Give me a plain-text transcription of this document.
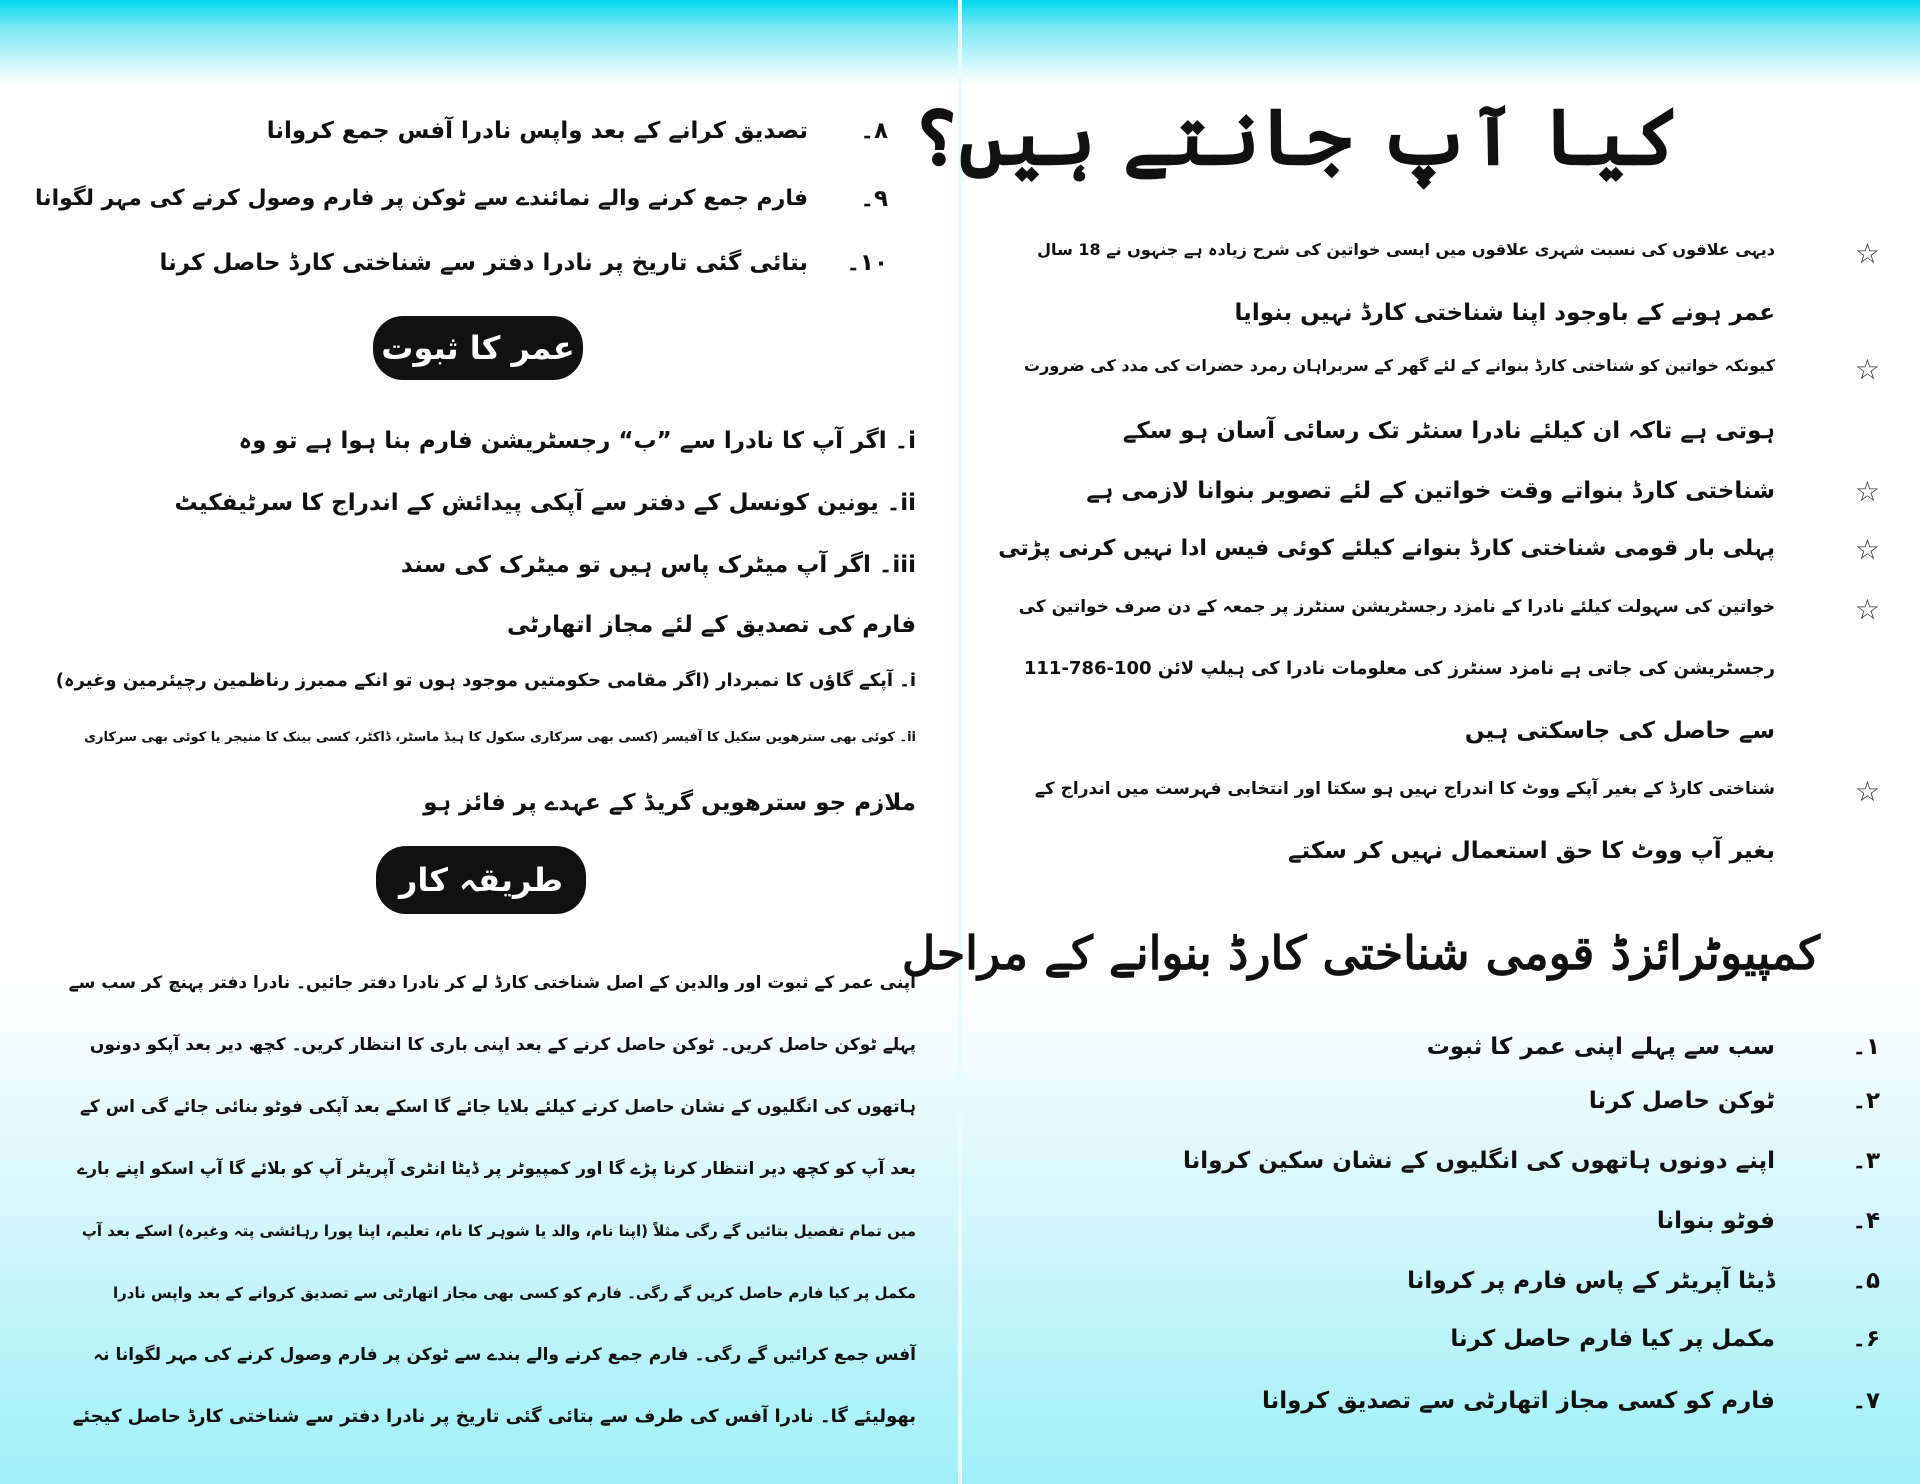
۸۔
تصدیق کرانے کے بعد واپس نادرا آفس جمع کروانا
۹۔
فارم جمع کرنے والے نمائندے سے ٹوکن پر فارم وصول کرنے کی مہر لگوانا
۱۰۔
بتائی گئی تاریخ پر نادرا دفتر سے شناختی کارڈ حاصل کرنا
عمر کا ثبوت
i۔ اگر آپ کا نادرا سے ”ب“ رجسٹریشن فارم بنا ہوا ہے تو وہ
ii۔ یونین کونسل کے دفتر سے آپکی پیدائش کے اندراج کا سرٹیفکیٹ
iii۔ اگر آپ میٹرک پاس ہیں تو میٹرک کی سند
فارم کی تصدیق کے لئے مجاز اتھارٹی
i۔ آپکے گاؤں کا نمبردار (اگر مقامی حکومتیں موجود ہوں تو انکے ممبرز رناظمین رچیئرمین وغیرہ)
ii۔ کوئی بھی سترھویں سکیل کا آفیسر (کسی بھی سرکاری سکول کا ہیڈ ماسٹر، ڈاکٹر، کسی بینک کا منیجر یا کوئی بھی سرکاری
ملازم جو سترھویں گریڈ کے عہدے پر فائز ہو
طریقہ کار
اپنی عمر کے ثبوت اور والدین کے اصل شناختی کارڈ لے کر نادرا دفتر جائیں۔ نادرا دفتر پہنچ کر سب سے
پہلے ٹوکن حاصل کریں۔ ٹوکن حاصل کرنے کے بعد اپنی باری کا انتظار کریں۔ کچھ دیر بعد آپکو دونوں
ہاتھوں کی انگلیوں کے نشان حاصل کرنے کیلئے بلایا جائے گا اسکے بعد آپکی فوٹو بنائی جائے گی اس کے
بعد آپ کو کچھ دیر انتظار کرنا پڑے گا اور کمپیوٹر پر ڈیٹا انٹری آپریٹر آپ کو بلائے گا آپ اسکو اپنے بارے
میں تمام تفصیل بتائیں گے رگی مثلاً (اپنا نام، والد یا شوہر کا نام، تعلیم، اپنا پورا رہائشی پتہ وغیرہ) اسکے بعد آپ
مکمل پر کیا فارم حاصل کریں گے رگی۔ فارم کو کسی بھی مجاز اتھارٹی سے تصدیق کروانے کے بعد واپس نادرا
آفس جمع کرائیں گے رگی۔ فارم جمع کرنے والے بندے سے ٹوکن پر فارم وصول کرنے کی مہر لگوانا نہ
بھولیئے گا۔ نادرا آفس کی طرف سے بتائی گئی تاریخ پر نادرا دفتر سے شناختی کارڈ حاصل کیجئے
کیا آپ جانتے ہیں؟
☆
دیہی علاقوں کی نسبت شہری علاقوں میں ایسی خواتین کی شرح زیادہ ہے جنہوں نے 18 سال
عمر ہونے کے باوجود اپنا شناختی کارڈ نہیں بنوایا
☆
کیونکہ خواتین کو شناختی کارڈ بنوانے کے لئے گھر کے سربراہان رمرد حضرات کی مدد کی ضرورت
ہوتی ہے تاکہ ان کیلئے نادرا سنٹر تک رسائی آسان ہو سکے
☆
شناختی کارڈ بنواتے وقت خواتین کے لئے تصویر بنوانا لازمی ہے
☆
پہلی بار قومی شناختی کارڈ بنوانے کیلئے کوئی فیس ادا نہیں کرنی پڑتی
☆
خواتین کی سہولت کیلئے نادرا کے نامزد رجسٹریشن سنٹرز پر جمعہ کے دن صرف خواتین کی
رجسٹریشن کی جاتی ہے نامزد سنٹرز کی معلومات نادرا کی ہیلپ لائن 100-786-111
سے حاصل کی جاسکتی ہیں
☆
شناختی کارڈ کے بغیر آپکے ووٹ کا اندراج نہیں ہو سکتا اور انتخابی فہرست میں اندراج کے
بغیر آپ ووٹ کا حق استعمال نہیں کر سکتے
کمپیوٹرائزڈ قومی شناختی کارڈ بنوانے کے مراحل
۱۔
سب سے پہلے اپنی عمر کا ثبوت
۲۔
ٹوکن حاصل کرنا
۳۔
اپنے دونوں ہاتھوں کی انگلیوں کے نشان سکین کروانا
۴۔
فوٹو بنوانا
۵۔
ڈیٹا آپریٹر کے پاس فارم پر کروانا
۶۔
مکمل پر کیا فارم حاصل کرنا
۷۔
فارم کو کسی مجاز اتھارٹی سے تصدیق کروانا
